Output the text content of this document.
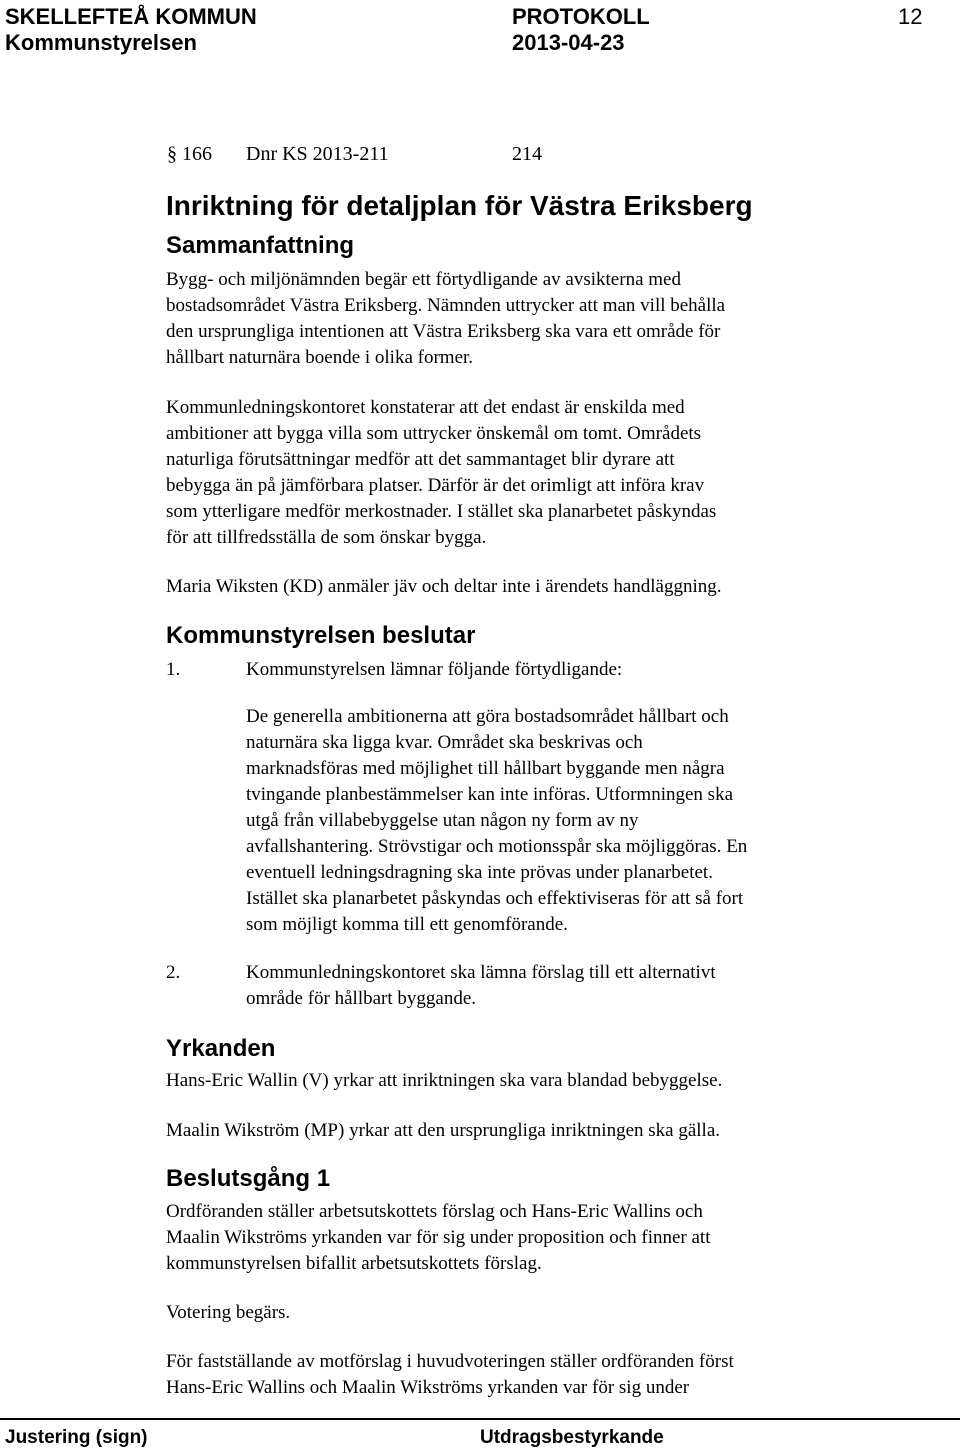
SKELLEFTEÅ KOMMUN	PROTOKOLL	12
Kommunstyrelsen	2013-04-23
§ 166 Dnr KS 2013-211	214
Inriktning för detaljplan för Västra Eriksberg
Sammanfattning
Bygg- och miljönämnden begär ett förtydligande av avsikterna med
bostadsområdet Västra Eriksberg. Nämnden uttrycker att man vill behålla
den ursprungliga intentionen att Västra Eriksberg ska vara ett område för
hållbart naturnära boende i olika former.
Kommunledningskontoret konstaterar att det endast är enskilda med
ambitioner att bygga villa som uttrycker önskemål om tomt. Områdets
naturliga förutsättningar medför att det sammantaget blir dyrare att
bebygga än på jämförbara platser. Därför är det orimligt att införa krav
som ytterligare medför merkostnader. I stället ska planarbetet påskyndas
för att tillfredsställa de som önskar bygga.
Maria Wiksten (KD) anmäler jäv och deltar inte i ärendets handläggning.
Kommunstyrelsen beslutar
1.	Kommunstyrelsen lämnar följande förtydligande:
De generella ambitionerna att göra bostadsområdet hållbart och
naturnära ska ligga kvar. Området ska beskrivas och
marknadsföras med möjlighet till hållbart byggande men några
tvingande planbestämmelser kan inte införas. Utformningen ska
utgå från villabebyggelse utan någon ny form av ny
avfallshantering. Strövstigar och motionsspår ska möjliggöras. En
eventuell ledningsdragning ska inte prövas under planarbetet.
Istället ska planarbetet påskyndas och effektiviseras för att så fort
som möjligt komma till ett genomförande.
2.	Kommunledningskontoret ska lämna förslag till ett alternativt
område för hållbart byggande.
Yrkanden
Hans-Eric Wallin (V) yrkar att inriktningen ska vara blandad bebyggelse.
Maalin Wikström (MP) yrkar att den ursprungliga inriktningen ska gälla.
Beslutsgång 1
Ordföranden ställer arbetsutskottets förslag och Hans-Eric Wallins och
Maalin Wikströms yrkanden var för sig under proposition och finner att
kommunstyrelsen bifallit arbetsutskottets förslag.
Votering begärs.
För fastställande av motförslag i huvudvoteringen ställer ordföranden först
Hans-Eric Wallins och Maalin Wikströms yrkanden var för sig under
Justering (sign)	Utdragsbestyrkande
